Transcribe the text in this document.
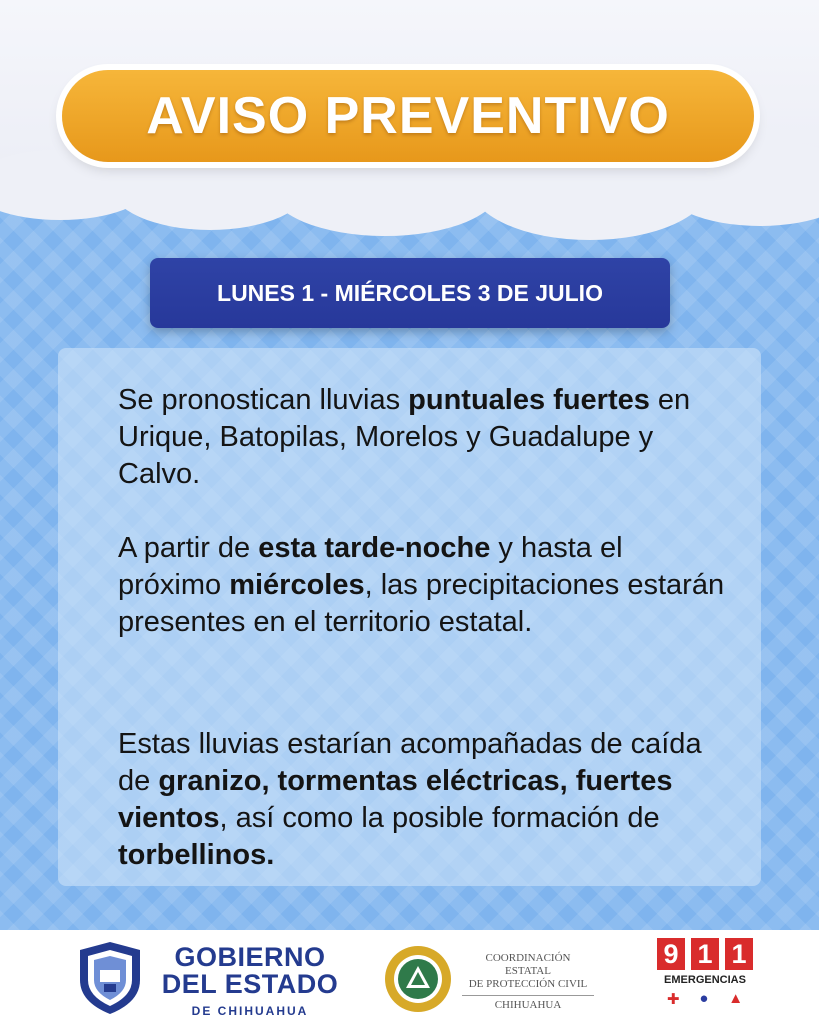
AVISO PREVENTIVO
LUNES 1 - MIÉRCOLES 3 DE JULIO

Se pronostican lluvias puntuales fuertes en Urique, Batopilas, Morelos y Guadalupe y Calvo.

A partir de esta tarde-noche y hasta el próximo miércoles, las precipitaciones estarán presentes en el territorio estatal.

Estas lluvias estarían acompañadas de caída de granizo, tormentas eléctricas, fuertes vientos, así como la posible formación de torbellinos.

GOBIERNO
DEL ESTADO
DE CHIHUAHUA
COORDINACIÓN ESTATAL
DE PROTECCIÓN CIVIL
CHIHUAHUA
9 1 1
EMERGENCIAS
✚ ● ▲
